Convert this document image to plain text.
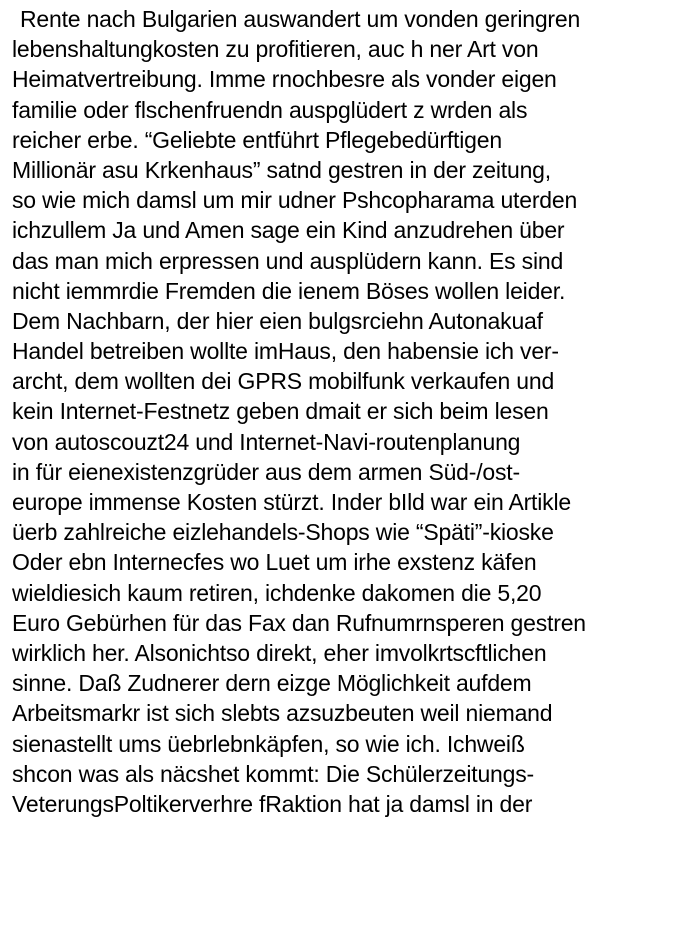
Rente nach Bulgarien auswandert um vonden geringren
lebenshaltungkosten zu profitieren, auc h ner Art von
Heimatvertreibung. Imme rnochbesre als vonder eigen
familie oder flschenfruendn auspglüdert z wrden als
reicher erbe. “Geliebte entführt Pflegebedürftigen
Millionär asu Krkenhaus” satnd gestren in der zeitung,
so wie mich damsl um mir udner Pshcopharama uterden
ichzullem Ja und Amen sage ein Kind anzudrehen über
das man mich erpressen und ausplüdern kann. Es sind
nicht iemmrdie Fremden die ienem Böses wollen leider.
Dem Nachbarn, der hier eien bulgsrciehn Autonakuaf
Handel betreiben wollte imHaus, den habensie ich ver-
archt, dem wollten dei GPRS mobilfunk verkaufen und
kein Internet-Festnetz geben dmait er sich beim lesen
von autoscouzt24 und Internet-Navi-routenplanung
in für eienexistenzgrüder aus dem armen Süd-/ost-
europe immense Kosten stürzt. Inder bIld war ein Artikle
üerb zahlreiche eizlehandels-Shops wie “Späti”-kioske
Oder ebn Internecfes wo Luet um irhe exstenz käfen
wieldiesich kaum retiren, ichdenke dakomen die 5,20
Euro Gebürhen für das Fax dan Rufnumrnsperen gestren
wirklich her. Alsonichtso direkt, eher imvolkrtscftlichen
sinne. Daß Zudnerer dern eizge Möglichkeit aufdem
Arbeitsmarkr ist sich slebts azsuzbeuten weil niemand
sienastellt ums üebrlebnkäpfen, so wie ich. Ichweiß
shcon was als näcshet kommt: Die Schülerzeitungs-
VeterungsPoltikerverhre fRaktion hat ja damsl in der
